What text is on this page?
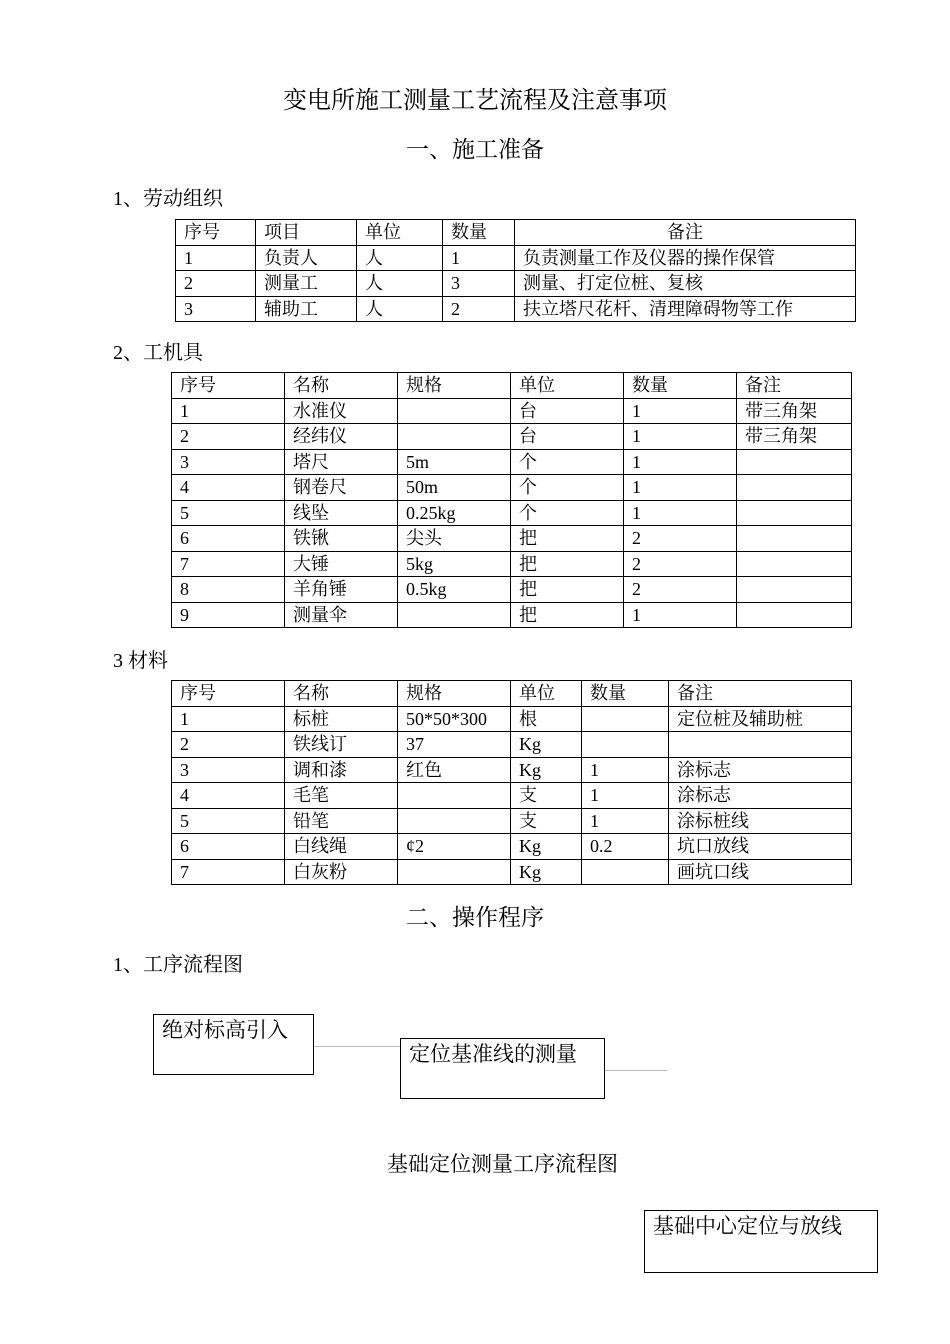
变电所施工测量工艺流程及注意事项
一、施工准备
1、劳动组织
序号	项目	单位	数量	备注
1	负责人	人	1	负责测量工作及仪器的操作保管
2	测量工	人	3	测量、打定位桩、复核
3	辅助工	人	2	扶立塔尺花杆、清理障碍物等工作
2、工机具
序号	名称	规格	单位	数量	备注
1	水准仪		台	1	带三角架
2	经纬仪		台	1	带三角架
3	塔尺	5m	个	1	
4	钢卷尺	50m	个	1	
5	线坠	0.25kg	个	1	
6	铁锹	尖头	把	2	
7	大锤	5kg	把	2	
8	羊角锤	0.5kg	把	2	
9	测量伞		把	1	
3 材料
序号	名称	规格	单位	数量	备注
1	标桩	50*50*300	根		定位桩及辅助桩
2	铁线订	37	Kg		
3	调和漆	红色	Kg	1	涂标志
4	毛笔		支	1	涂标志
5	铅笔		支	1	涂标桩线
6	白线绳	¢2	Kg	0.2	坑口放线
7	白灰粉		Kg		画坑口线
二、操作程序
1、工序流程图
绝对标高引入
定位基准线的测量
基础定位测量工序流程图
基础中心定位与放线
